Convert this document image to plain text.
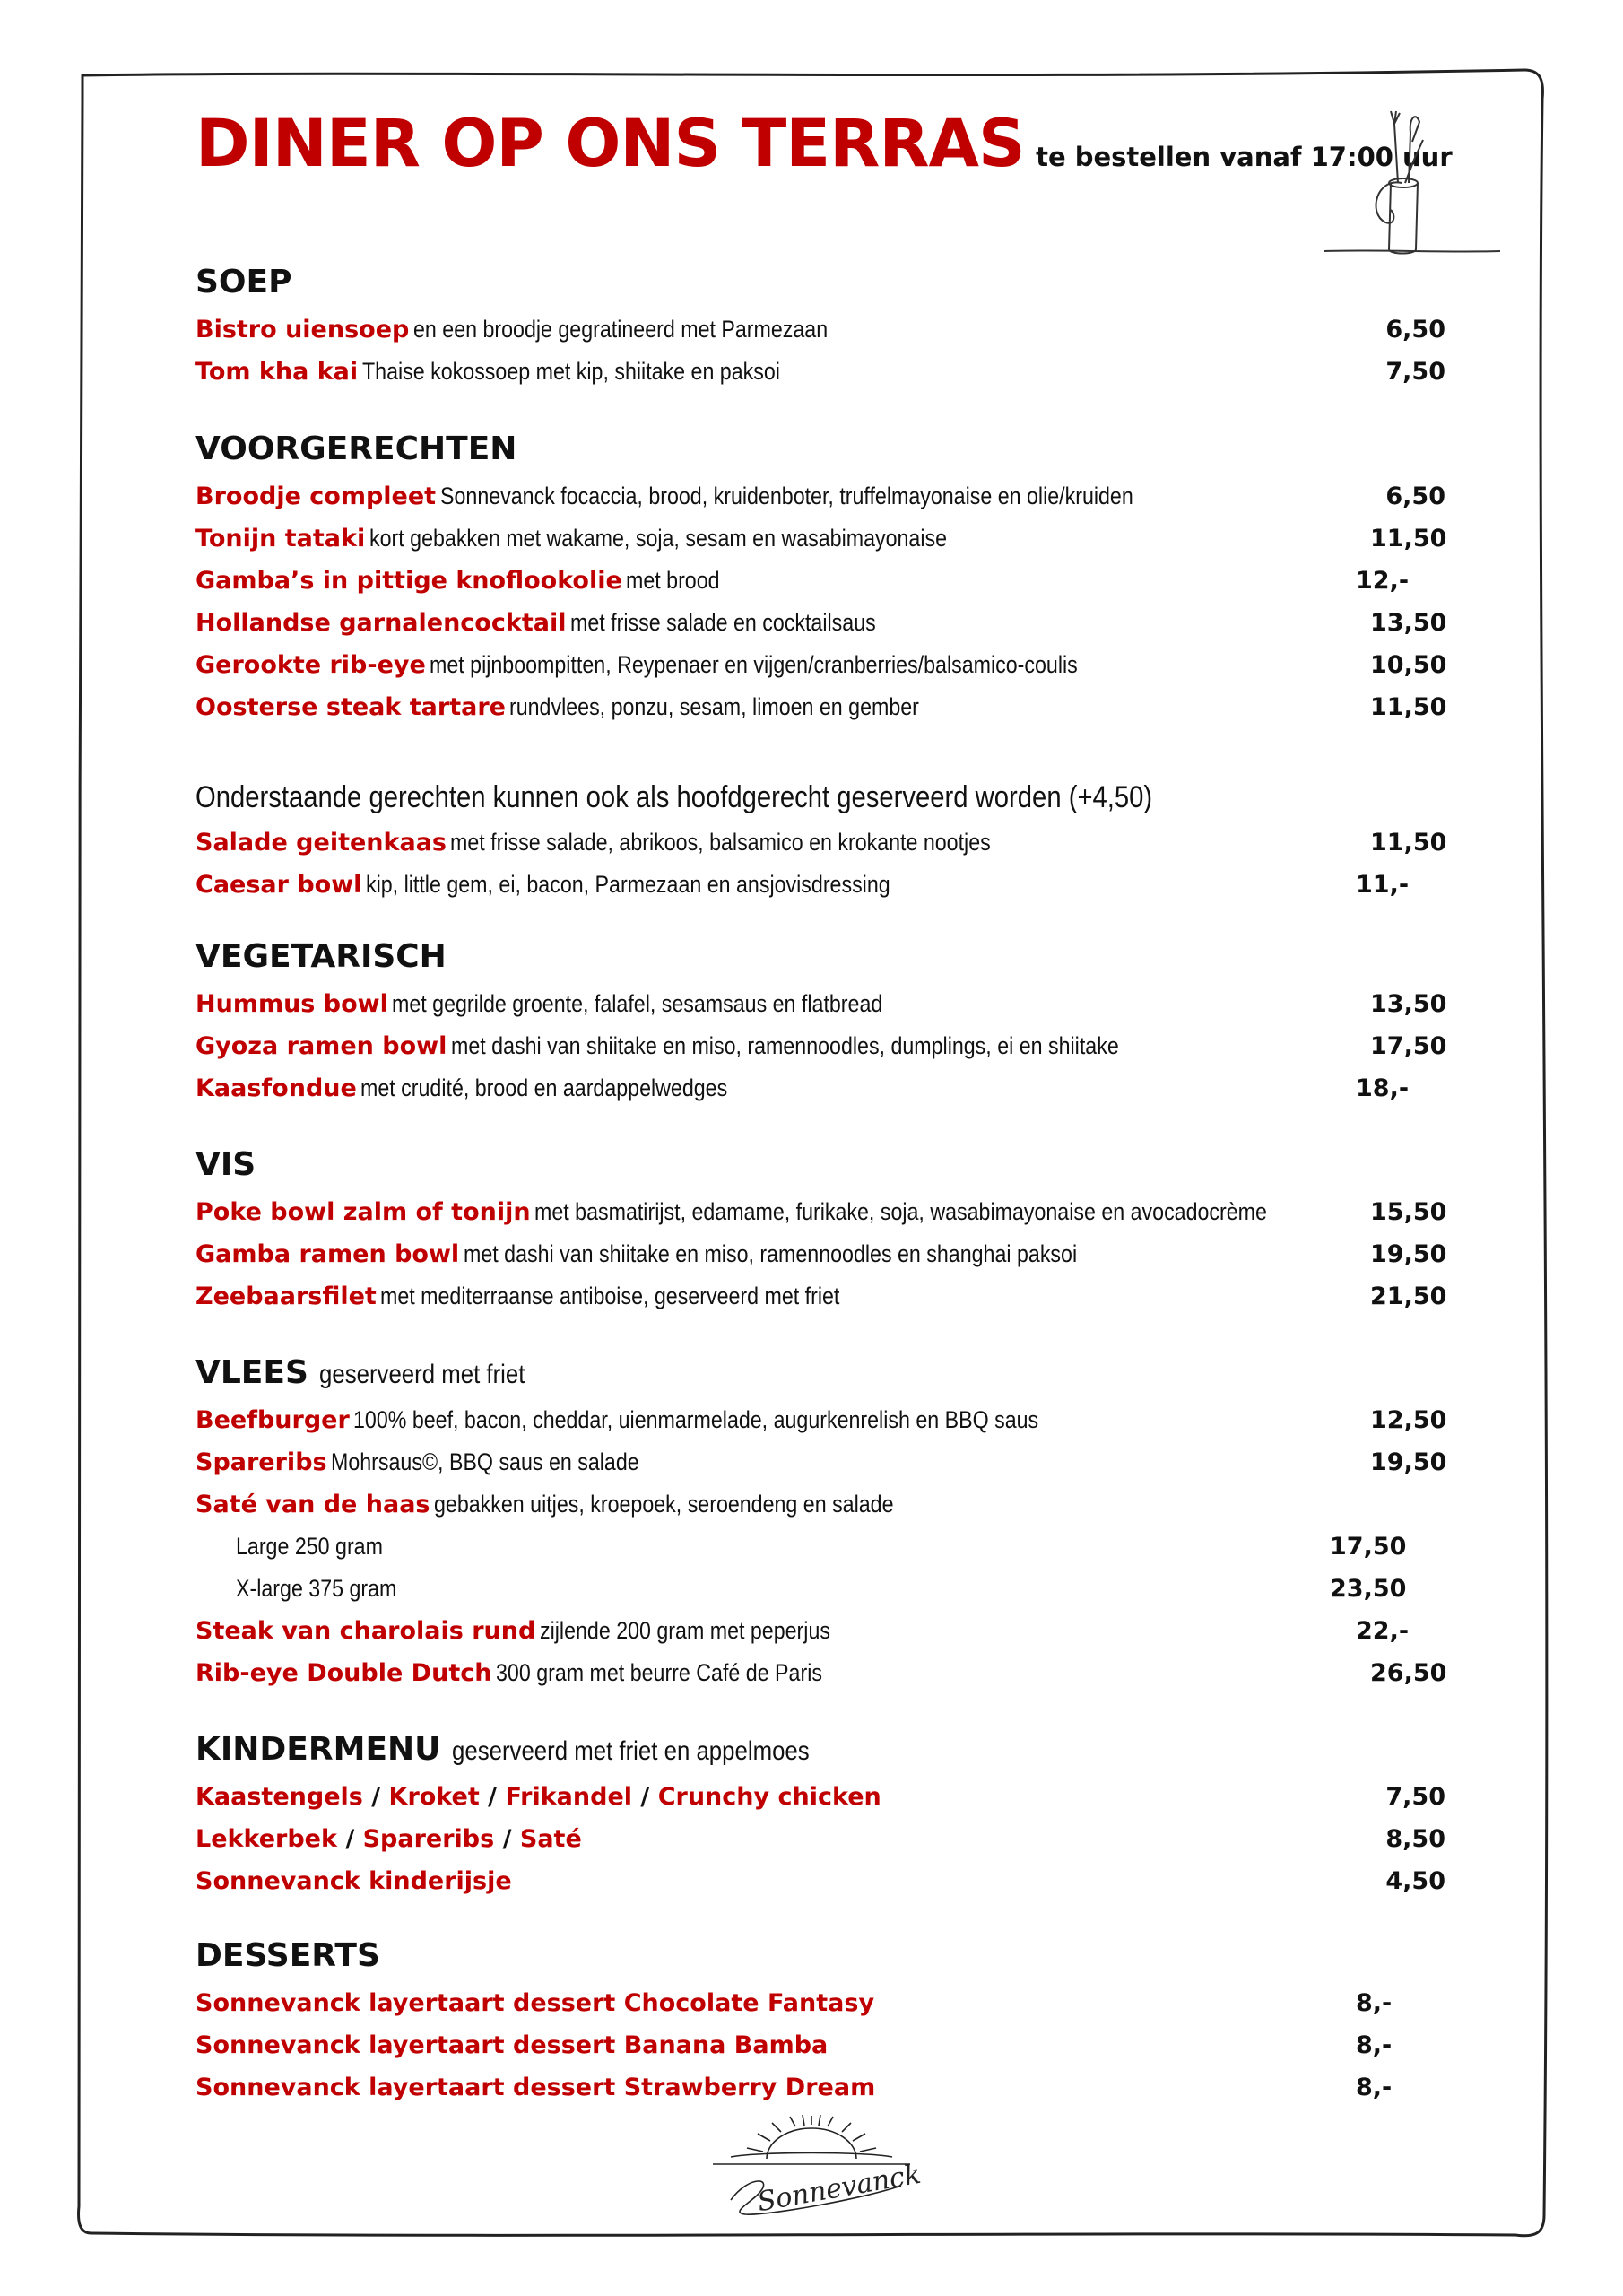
DINER OP ONS TERRAS te bestellen vanaf 17:00 uur
SOEP
Bistro uiensoep en een broodje gegratineerd met Parmezaan	6,50
Tom kha kai Thaise kokossoep met kip, shiitake en paksoi	7,50
VOORGERECHTEN
Broodje compleet Sonnevanck focaccia, brood, kruidenboter, truffelmayonaise en olie/kruiden	6,50
Tonijn tataki kort gebakken met wakame, soja, sesam en wasabimayonaise	11,50
Gamba’s in pittige knoflookolie met brood	12,-
Hollandse garnalencocktail met frisse salade en cocktailsaus	13,50
Gerookte rib-eye met pijnboompitten, Reypenaer en vijgen/cranberries/balsamico-coulis	10,50
Oosterse steak tartare rundvlees, ponzu, sesam, limoen en gember	11,50
Onderstaande gerechten kunnen ook als hoofdgerecht geserveerd worden (+4,50)
Salade geitenkaas met frisse salade, abrikoos, balsamico en krokante nootjes	11,50
Caesar bowl kip, little gem, ei, bacon, Parmezaan en ansjovisdressing	11,-
VEGETARISCH
Hummus bowl met gegrilde groente, falafel, sesamsaus en flatbread	13,50
Gyoza ramen bowl met dashi van shiitake en miso, ramennoodles, dumplings, ei en shiitake	17,50
Kaasfondue met crudité, brood en aardappelwedges	18,-
VIS
Poke bowl zalm of tonijn met basmatirijst, edamame, furikake, soja, wasabimayonaise en avocadocrème	15,50
Gamba ramen bowl met dashi van shiitake en miso, ramennoodles en shanghai paksoi	19,50
Zeebaarsfilet met mediterraanse antiboise, geserveerd met friet	21,50
VLEES geserveerd met friet
Beefburger 100% beef, bacon, cheddar, uienmarmelade, augurkenrelish en BBQ saus	12,50
Spareribs Mohrsaus©, BBQ saus en salade	19,50
Saté van de haas gebakken uitjes, kroepoek, seroendeng en salade
Large 250 gram	17,50
X-large 375 gram	23,50
Steak van charolais rund zijlende 200 gram met peperjus	22,-
Rib-eye Double Dutch 300 gram met beurre Café de Paris	26,50
KINDERMENU geserveerd met friet en appelmoes
Kaastengels / Kroket / Frikandel / Crunchy chicken	7,50
Lekkerbek / Spareribs / Saté	8,50
Sonnevanck kinderijsje	4,50
DESSERTS
Sonnevanck layertaart dessert Chocolate Fantasy	8,-
Sonnevanck layertaart dessert Banana Bamba	8,-
Sonnevanck layertaart dessert Strawberry Dream	8,-
Sonnevanck
